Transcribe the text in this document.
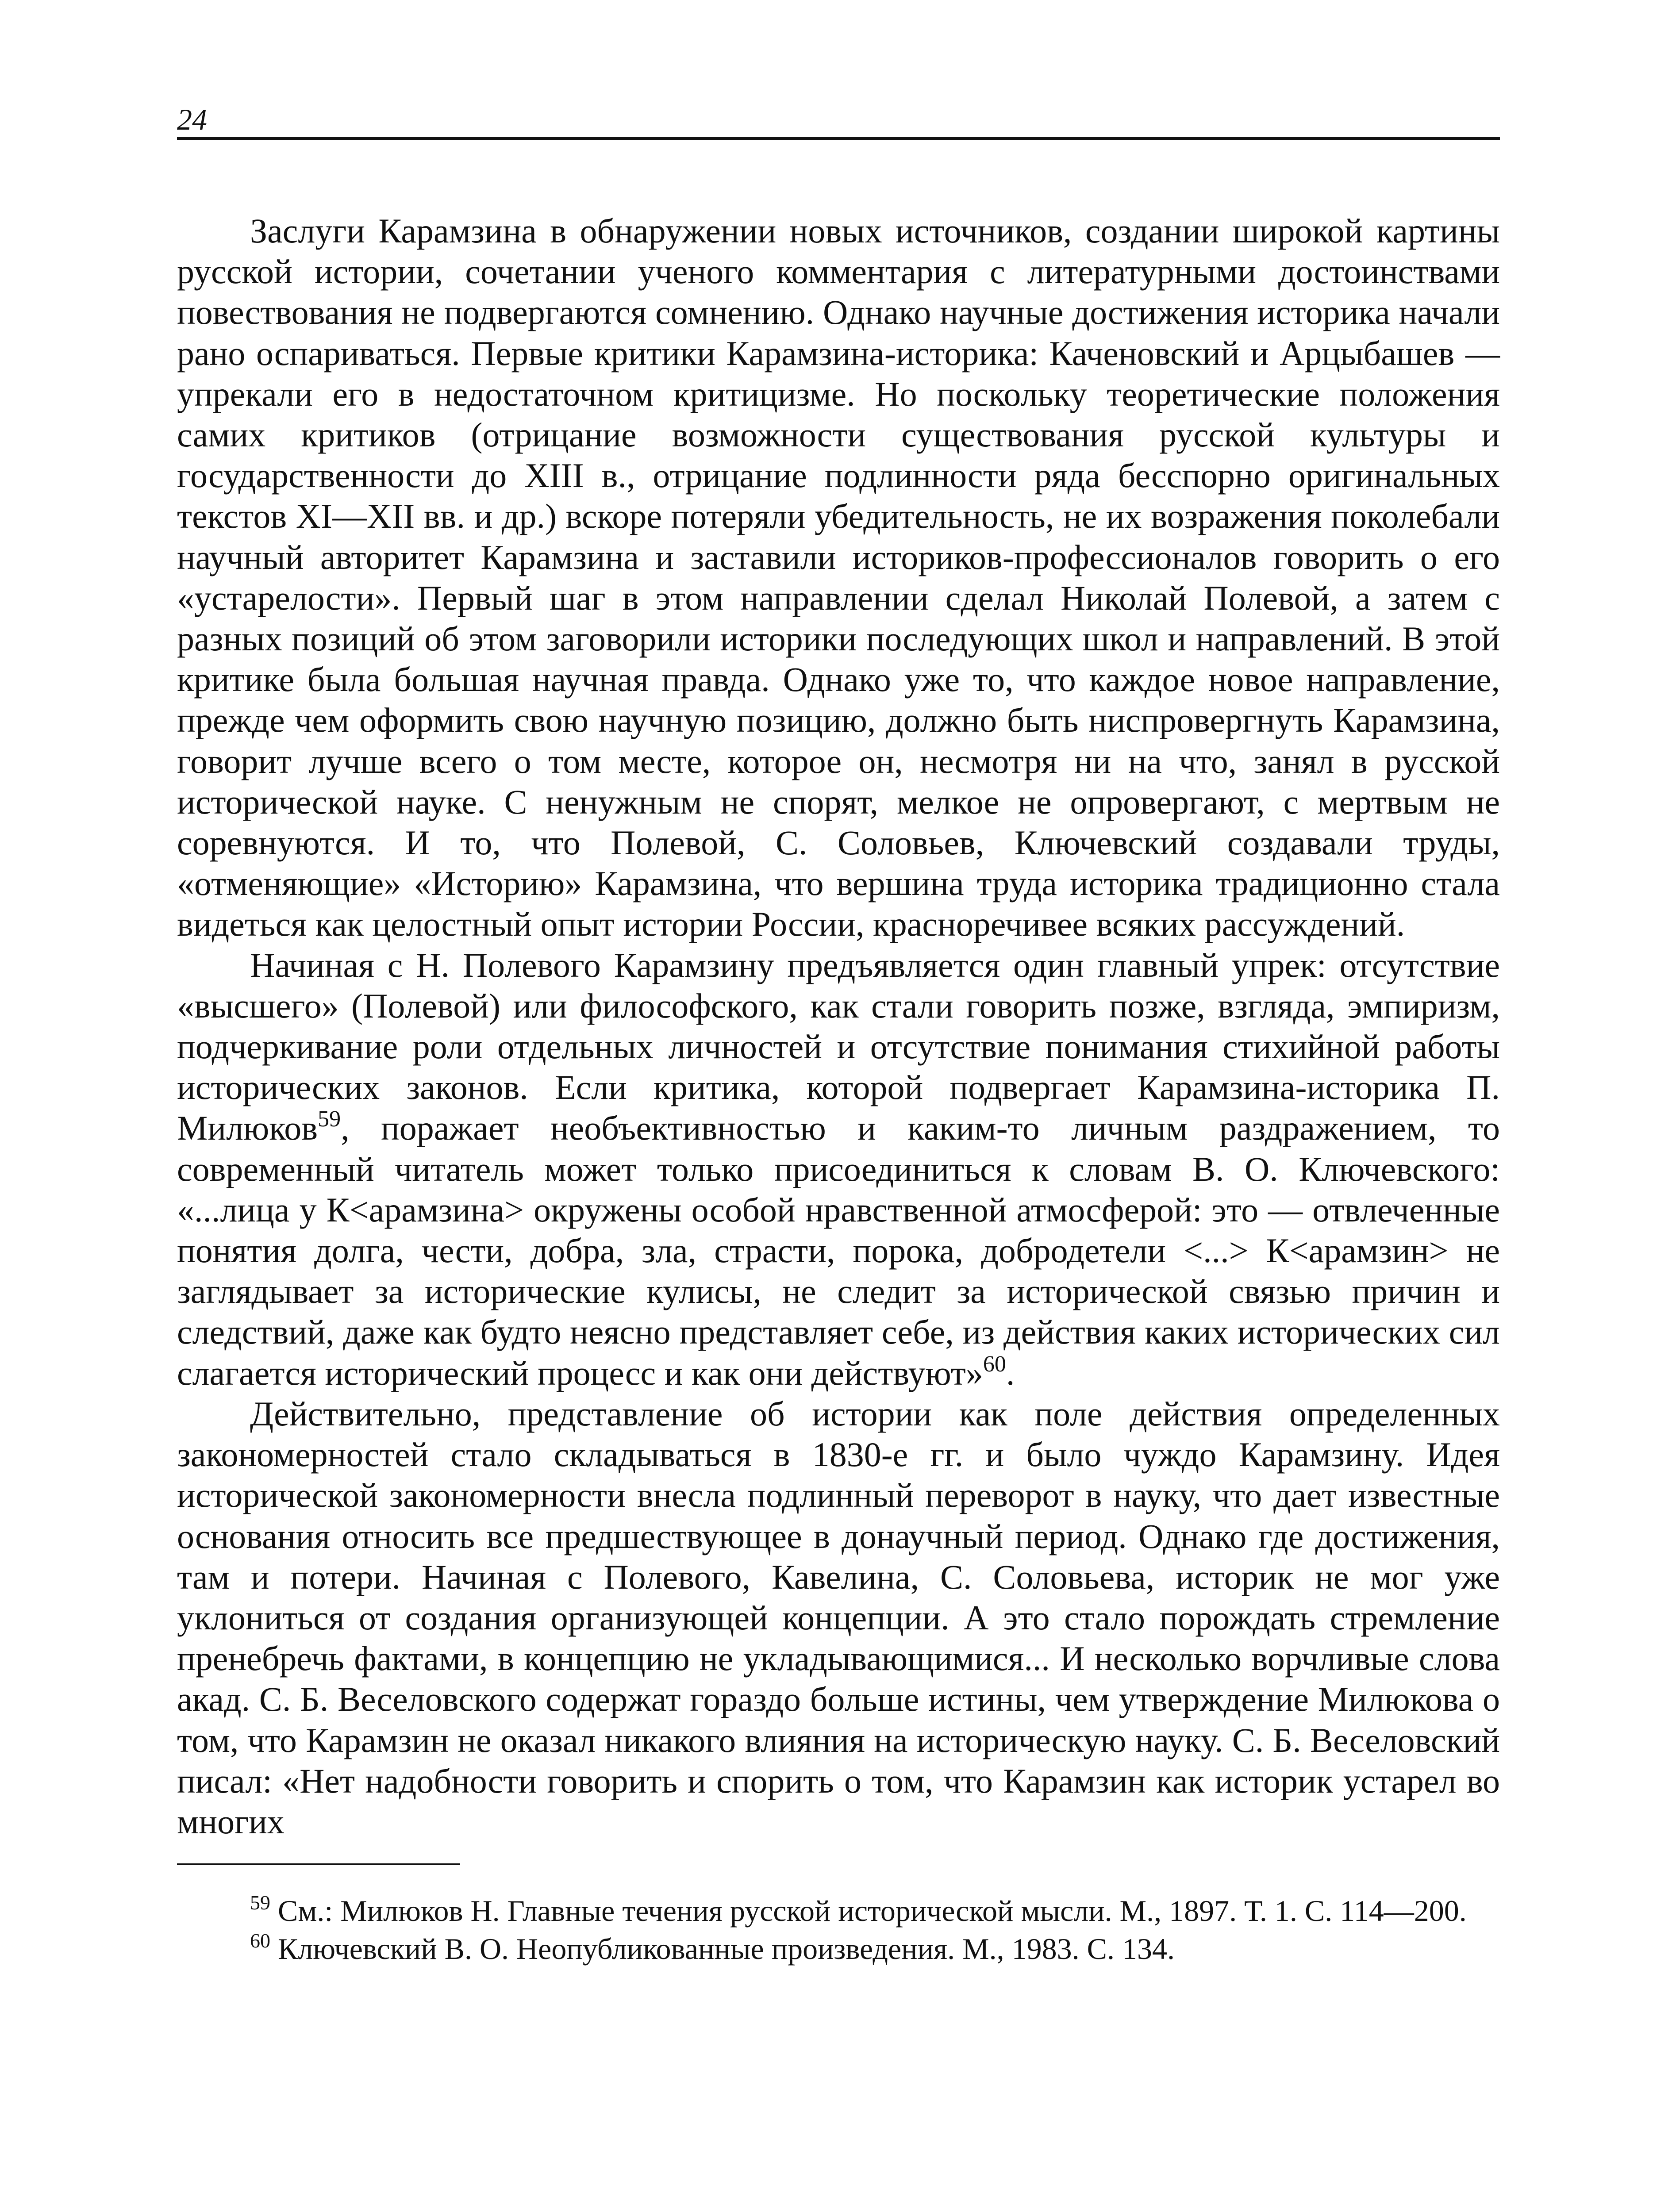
24

Заслуги Карамзина в обнаружении новых источников, создании широкой картины русской истории, сочетании ученого комментария с литературными достоинствами повествования не подвергаются сомнению. Однако научные достижения историка начали рано оспариваться. Первые критики Карамзина-историка: Каченовский и Арцыбашев — упрекали его в недостаточном критицизме. Но поскольку теоретические положения самих критиков (отрицание возможности существования русской культуры и государственности до XIII в., отрицание подлинности ряда бесспорно оригинальных текстов XI—XII вв. и др.) вскоре потеряли убедительность, не их возражения поколебали научный авторитет Карамзина и заставили историков-профессионалов говорить о его «устарелости». Первый шаг в этом направлении сделал Николай Полевой, а затем с разных позиций об этом заговорили историки последующих школ и направлений. В этой критике была большая научная правда. Однако уже то, что каждое новое направление, прежде чем оформить свою научную позицию, должно быть ниспровергнуть Карамзина, говорит лучше всего о том месте, которое он, несмотря ни на что, занял в русской исторической науке. С ненужным не спорят, мелкое не опровергают, с мертвым не соревнуются. И то, что Полевой, С. Соловьев, Ключевский создавали труды, «отменяющие» «Историю» Карамзина, что вершина труда историка традиционно стала видеться как целостный опыт истории России, красноречивее всяких рассуждений.

Начиная с Н. Полевого Карамзину предъявляется один главный упрек: отсутствие «высшего» (Полевой) или философского, как стали говорить позже, взгляда, эмпиризм, подчеркивание роли отдельных личностей и отсутствие понимания стихийной работы исторических законов. Если критика, которой подвергает Карамзина-историка П. Милюков$^{59}$, поражает необъективностью и каким-то личным раздражением, то современный читатель может только присоединиться к словам В. О. Ключевского: «...лица у К<арамзина> окружены особой нравственной атмосферой: это — отвлеченные понятия долга, чести, добра, зла, страсти, порока, добродетели <...> К<арамзин> не заглядывает за исторические кулисы, не следит за исторической связью причин и следствий, даже как будто неясно представляет себе, из действия каких исторических сил слагается исторический процесс и как они действуют»$^{60}$.

Действительно, представление об истории как поле действия определенных закономерностей стало складываться в 1830-е гг. и было чуждо Карамзину. Идея исторической закономерности внесла подлинный переворот в науку, что дает известные основания относить все предшествующее в донаучный период. Однако где достижения, там и потери. Начиная с Полевого, Кавелина, С. Соловьева, историк не мог уже уклониться от создания организующей концепции. А это стало порождать стремление пренебречь фактами, в концепцию не укладывающимися... И несколько ворчливые слова акад. С. Б. Веселовского содержат гораздо больше истины, чем утверждение Милюкова о том, что Карамзин не оказал никакого влияния на историческую науку. С. Б. Веселовский писал: «Нет надобности говорить и спорить о том, что Карамзин как историк устарел во многих

$^{59}$ См.: Милюков Н. Главные течения русской исторической мысли. М., 1897. Т. 1. С. 114—200.

$^{60}$ Ключевский В. О. Неопубликованные произведения. М., 1983. С. 134.
